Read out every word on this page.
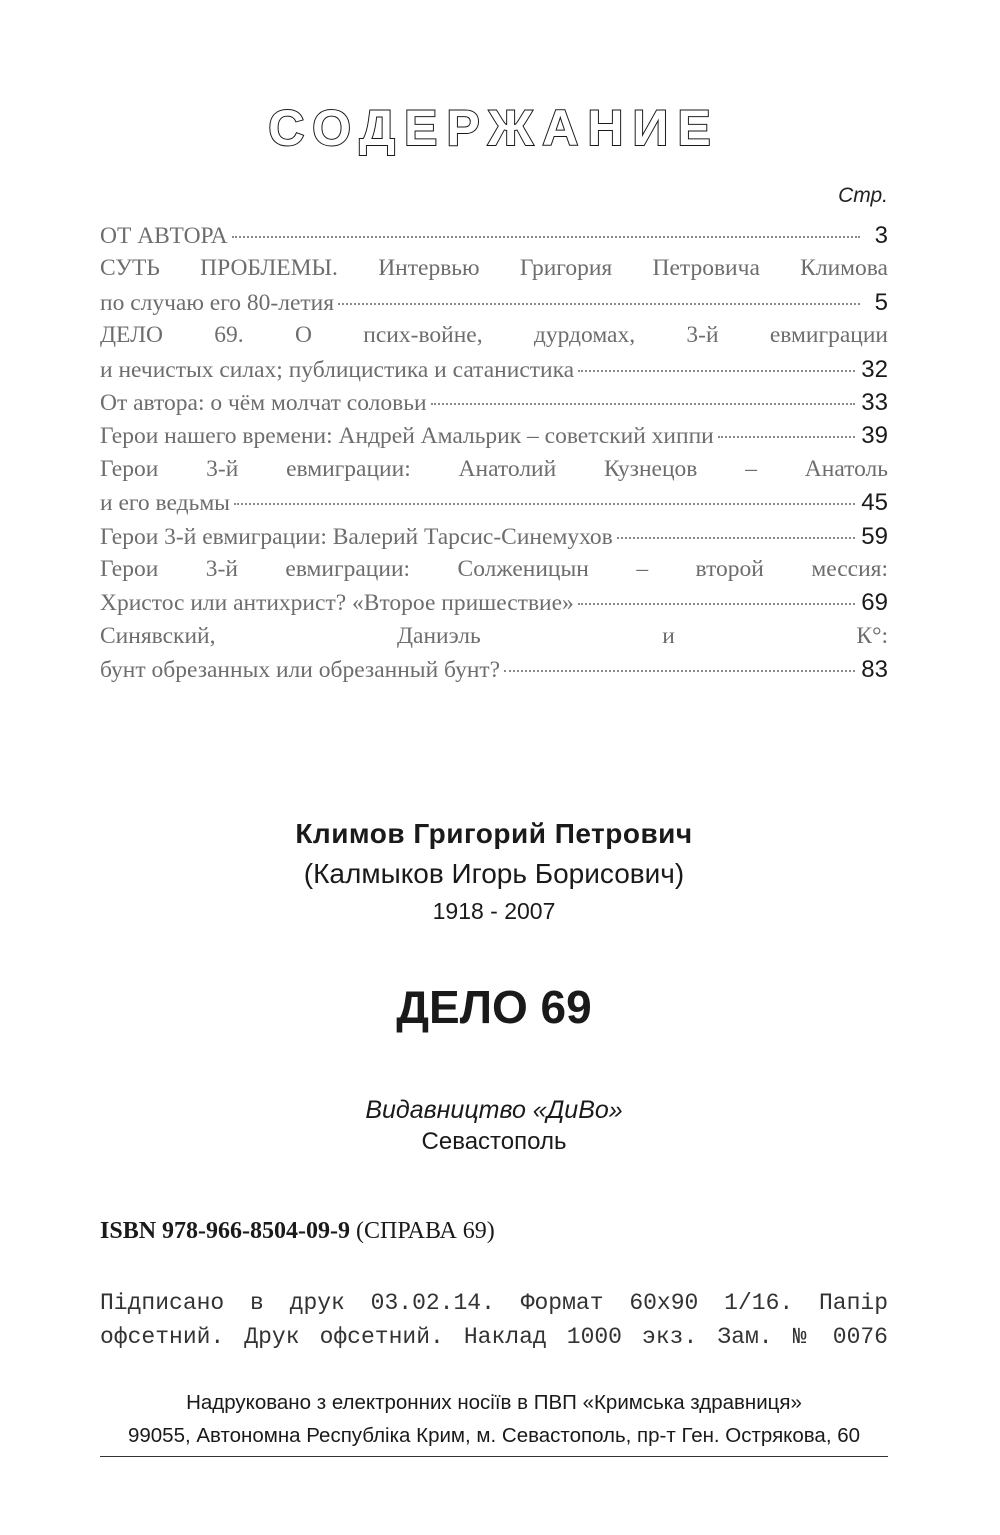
СОДЕРЖАНИЕ
Стр.
ОТ АВТОРА	3
СУТЬ ПРОБЛЕМЫ. Интервью Григория Петровича Климова
по случаю его 80-летия	5
ДЕЛО 69. О псих-войне, дурдомах, 3-й евмиграции
и нечистых силах; публицистика и сатанистика	32
От автора: о чём молчат соловьи	33
Герои нашего времени: Андрей Амальрик – советский хиппи	39
Герои 3-й евмиграции: Анатолий Кузнецов – Анатоль
и его ведьмы	45
Герои 3-й евмиграции: Валерий Тарсис-Синемухов	59
Герои 3-й евмиграции: Солженицын – второй мессия:
Христос или антихрист? «Второе пришествие»	69
Синявский, Даниэль и К°:
бунт обрезанных или обрезанный бунт?	83
Климов Григорий Петрович
(Калмыков Игорь Борисович)
1918 - 2007
ДЕЛО 69
Видавництво «ДиВо»
Севастополь
ISBN 978-966-8504-09-9 (СПРАВА 69)
Підписано в друк 03.02.14. Формат 60х90 1/16. Папір
офсетний. Друк офсетний. Наклад 1000 экз. Зам. № 0076
Надруковано з електронних носіїв в ПВП «Кримська здравниця»
99055, Автономна Республіка Крим, м. Севастополь, пр-т Ген. Острякова, 60
